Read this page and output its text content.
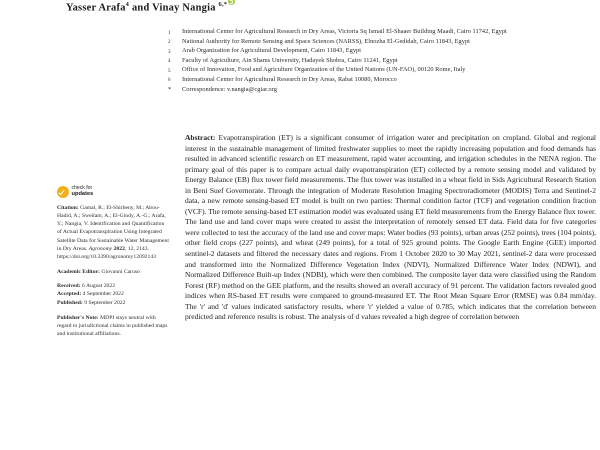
Yasser Arafa$^4$ and Vinay Nangia $^{6,*}$
1	International Center for Agricultural Research in Dry Areas, Victoria Sq Ismail El-Shaaer Building Maadi, Cairo 11742, Egypt
2	National Authority for Remote Sensing and Space Sciences (NARSS), Elnozha El-Gedidah, Cairo 11843, Egypt
3	Arab Organization for Agricultural Development, Cairo 11843, Egypt
4	Faculty of Agriculture, Ain Shams University, Hadayek Shobra, Cairo 11241, Egypt
5	Office of Innovation, Food and Agriculture Organization of the United Nations (UN-FAO), 00120 Rome, Italy
6	International Center for Agricultural Research in Dry Areas, Rabat 10080, Morocco
*	Correspondence: v.nangia@cgiar.org
check for
updates
Citation: Gamal, R.; El-Shirbeny, M.; Abou-Hadid, A.; Sweilam, A.; El-Gindy, A.-G.; Arafa, Y.; Nangia, V. Identification and Quantification of Actual Evapotranspiration Using Integrated Satellite Data for Sustainable Water Management in Dry Areas. Agronomy 2022, 12, 2143. https://doi.org/10.3390/agronomy12092143
Academic Editor: Giovanni Caruso
Received: 6 August 2022
Accepted: 4 September 2022
Published: 9 September 2022
Publisher's Note: MDPI stays neutral with regard to jurisdictional claims in published maps and institutional affiliations.
Abstract: Evapotranspiration (ET) is a significant consumer of irrigation water and precipitation on cropland. Global and regional interest in the sustainable management of limited freshwater supplies to meet the rapidly increasing population and food demands has resulted in advanced scientific research on ET measurement, rapid water accounting, and irrigation schedules in the NENA region. The primary goal of this paper is to compare actual daily evapotranspiration (ET) collected by a remote sensing model and validated by Energy Balance (EB) flux tower field measurements. The flux tower was installed in a wheat field in Sids Agricultural Research Station in Beni Suef Governorate. Through the integration of Moderate Resolution Imaging Spectroradiometer (MODIS) Terra and Sentinel-2 data, a new remote sensing-based ET model is built on two parties: Thermal condition factor (TCF) and vegetation condition fraction (VCF). The remote sensing-based ET estimation model was evaluated using ET field measurements from the Energy Balance flux tower. The land use and land cover maps were created to assist the interpretation of remotely sensed ET data. Field data for five categories were collected to test the accuracy of the land use and cover maps: Water bodies (93 points), urban areas (252 points), trees (104 points), other field crops (227 points), and wheat (249 points), for a total of 925 ground points. The Google Earth Engine (GEE) imported sentinel-2 datasets and filtered the necessary dates and regions. From 1 October 2020 to 30 May 2021, sentinel-2 data were processed and transformed into the Normalized Difference Vegetation Index (NDVI), Normalized Difference Water Index (NDWI), and Normalized Difference Built-up Index (NDBI), which were then combined. The composite layer data were classified using the Random Forest (RF) method on the GEE platform, and the results showed an overall accuracy of 91 percent. The validation factors revealed good indices when RS-based ET results were compared to ground-measured ET. The Root Mean Square Error (RMSE) was 0.84 mm/day. The 'r' and 'd' values indicated satisfactory results, where 'r' yielded a value of 0.785, which indicates that the correlation between predicted and reference results is robust. The analysis of d values revealed a high degree of correlation between
